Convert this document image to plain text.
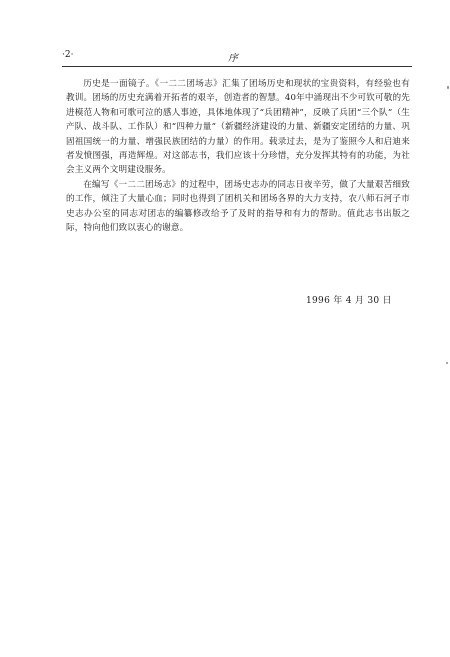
·2·	序

历史是一面镜子。《一二二团场志》汇集了团场历史和现状的宝贵资料，有经验也有教训。团场的历史充满着开拓者的艰辛，创造者的智慧。40年中涌现出不少可钦可敬的先进模范人物和可歌可泣的感人事迹，具体地体现了“兵团精神”，反映了兵团“三个队”（生产队、战斗队、工作队）和“四种力量”（新疆经济建设的力量、新疆安定团结的力量、巩固祖国统一的力量、增强民族团结的力量）的作用。载录过去，是为了鉴照今人和启迪来者发愤图强，再造辉煌。对这部志书，我们应该十分珍惜，充分发挥其特有的功能，为社会主义两个文明建设服务。

在编写《一二二团场志》的过程中，团场史志办的同志日夜辛劳，做了大量艰苦细致的工作，倾注了大量心血；同时也得到了团机关和团场各界的大力支持，农八师石河子市史志办公室的同志对团志的编纂修改给予了及时的指导和有力的帮助。值此志书出版之际，特向他们致以衷心的谢意。

1996 年 4 月 30 日
